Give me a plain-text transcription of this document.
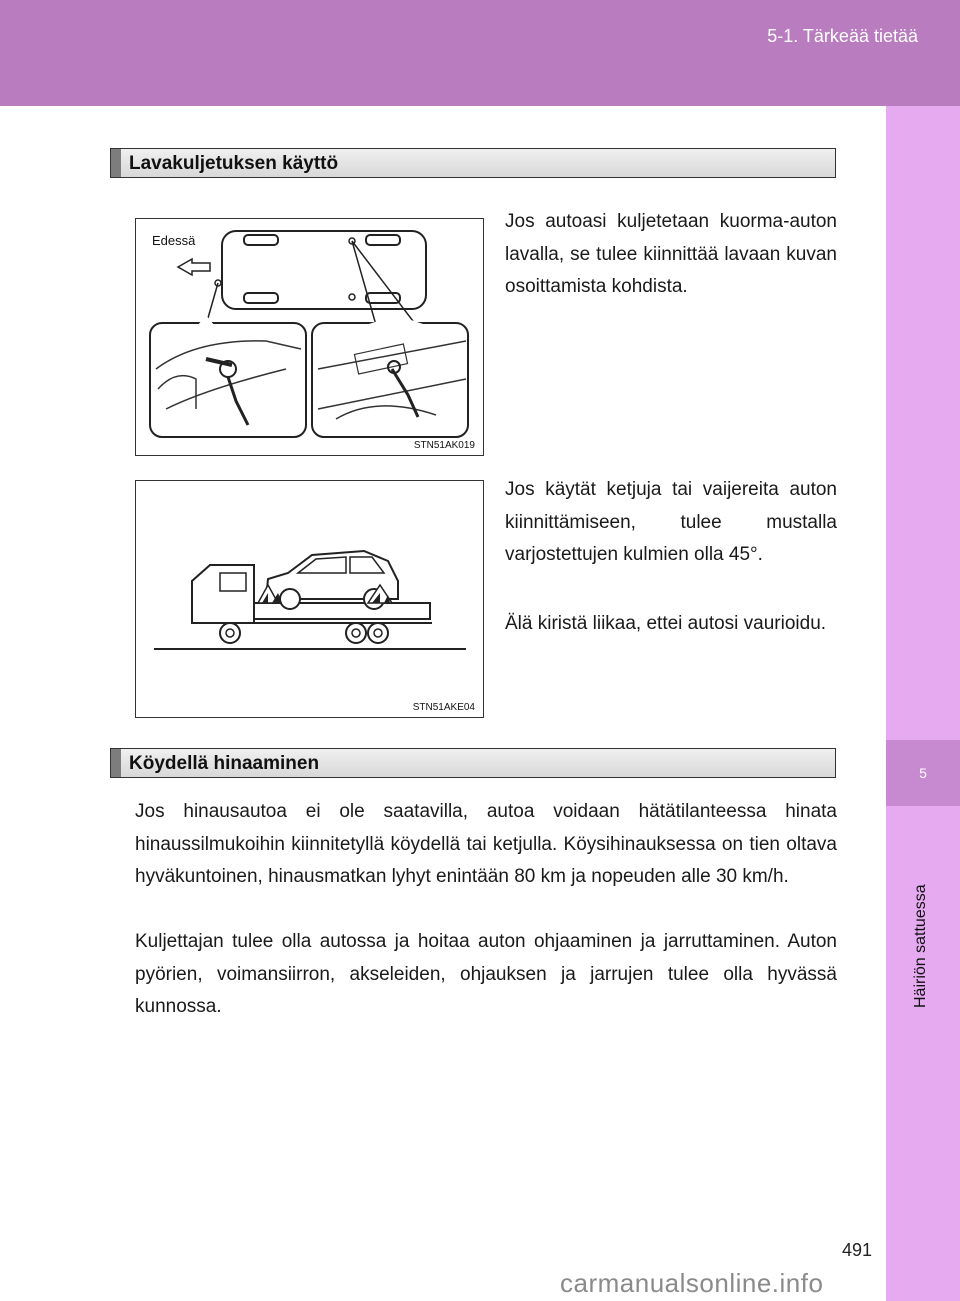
5-1. Tärkeää tietää
5
Häiriön sattuessa
Lavakuljetuksen käyttö
Edessä
STN51AK019

Jos autoasi kuljetetaan kuorma-auton lavalla, se tulee kiinnittää lavaan kuvan osoittamista kohdista.

STN51AKE04

Jos käytät ketjuja tai vaijereita auton kiinnittämiseen, tulee mustalla varjostettujen kulmien olla 45°.

Älä kiristä liikaa, ettei autosi vaurioidu.

Köydellä hinaaminen

Jos hinausautoa ei ole saatavilla, autoa voidaan hätätilanteessa hinata hinaussilmukoihin kiinnitetyllä köydellä tai ketjulla. Köysihinauksessa on tien oltava hyväkuntoinen, hinausmatkan lyhyt enintään 80 km ja nopeuden alle 30 km/h.

Kuljettajan tulee olla autossa ja hoitaa auton ohjaaminen ja jarruttaminen. Auton pyörien, voimansiirron, akseleiden, ohjauksen ja jarrujen tulee olla hyvässä kunnossa.

491
carmanualsonline.info
